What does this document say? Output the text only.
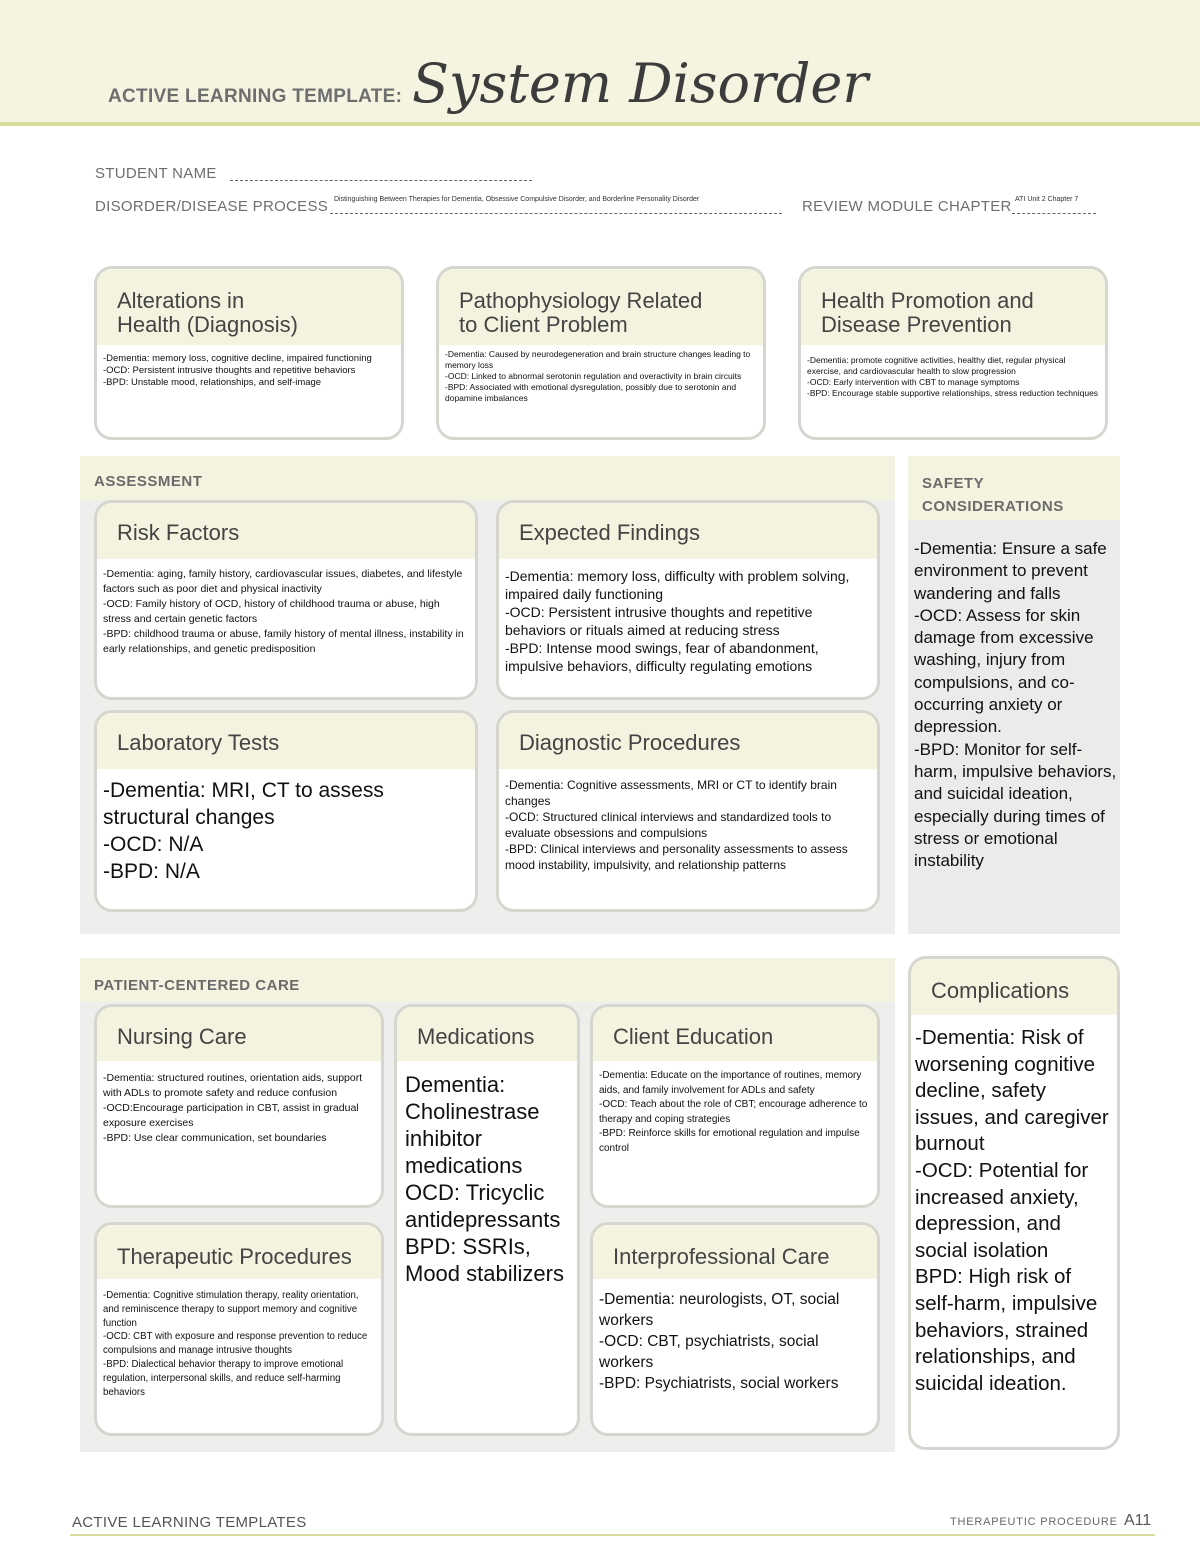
ACTIVE LEARNING TEMPLATE: System Disorder
STUDENT NAME
DISORDER/DISEASE PROCESS Distinguishing Between Therapies for Dementia, Obsessive Compulsive Disorder, and Borderline Personality Disorder	REVIEW MODULE CHAPTER ATI Unit 2 Chapter 7
Alterations in
Health (Diagnosis)
-Dementia: memory loss, cognitive decline, impaired functioning
-OCD: Persistent intrusive thoughts and repetitive behaviors
-BPD: Unstable mood, relationships, and self-image
Pathophysiology Related
to Client Problem
-Dementia: Caused by neurodegeneration and brain structure changes leading to memory loss
-OCD: Linked to abnormal serotonin regulation and overactivity in brain circuits
-BPD: Associated with emotional dysregulation, possibly due to serotonin and dopamine imbalances
Health Promotion and
Disease Prevention
-Dementia: promote cognitive activities, healthy diet, regular physical exercise, and cardiovascular health to slow progression
-OCD: Early intervention with CBT to manage symptoms
-BPD: Encourage stable supportive relationships, stress reduction techniques
ASSESSMENT
Risk Factors
-Dementia: aging, family history, cardiovascular issues, diabetes, and lifestyle factors such as poor diet and physical inactivity
-OCD: Family history of OCD, history of childhood trauma or abuse, high stress and certain genetic factors
-BPD: childhood trauma or abuse, family history of mental illness, instability in early relationships, and genetic predisposition
Expected Findings
-Dementia: memory loss, difficulty with problem solving, impaired daily functioning
-OCD: Persistent intrusive thoughts and repetitive behaviors or rituals aimed at reducing stress
-BPD: Intense mood swings, fear of abandonment, impulsive behaviors, difficulty regulating emotions
Laboratory Tests
-Dementia: MRI, CT to assess structural changes
-OCD: N/A
-BPD: N/A
Diagnostic Procedures
-Dementia: Cognitive assessments, MRI or CT to identify brain changes
-OCD: Structured clinical interviews and standardized tools to evaluate obsessions and compulsions
-BPD: Clinical interviews and personality assessments to assess mood instability, impulsivity, and relationship patterns
SAFETY
CONSIDERATIONS
-Dementia: Ensure a safe environment to prevent wandering and falls
-OCD: Assess for skin damage from excessive washing, injury from compulsions, and co-occurring anxiety or depression.
-BPD: Monitor for self-harm, impulsive behaviors, and suicidal ideation, especially during times of stress or emotional instability
PATIENT-CENTERED CARE
Nursing Care
-Dementia: structured routines, orientation aids, support with ADLs to promote safety and reduce confusion
-OCD:Encourage participation in CBT, assist in gradual exposure exercises
-BPD: Use clear communication, set boundaries
Medications
Dementia: Cholinestrase inhibitor medications
OCD: Tricyclic antidepressants
BPD: SSRIs, Mood stabilizers
Client Education
-Dementia: Educate on the importance of routines, memory aids, and family involvement for ADLs and safety
-OCD: Teach about the role of CBT; encourage adherence to therapy and coping strategies
-BPD: Reinforce skills for emotional regulation and impulse control
Therapeutic Procedures
-Dementia: Cognitive stimulation therapy, reality orientation, and reminiscence therapy to support memory and cognitive function
-OCD: CBT with exposure and response prevention to reduce compulsions and manage intrusive thoughts
-BPD: Dialectical behavior therapy to improve emotional regulation, interpersonal skills, and reduce self-harming behaviors
Interprofessional Care
-Dementia: neurologists, OT, social workers
-OCD: CBT, psychiatrists, social workers
-BPD: Psychiatrists, social workers
Complications
-Dementia: Risk of worsening cognitive decline, safety issues, and caregiver burnout
-OCD: Potential for increased anxiety, depression, and social isolation
BPD: High risk of self-harm, impulsive behaviors, strained relationships, and suicidal ideation.
ACTIVE LEARNING TEMPLATES	THERAPEUTIC PROCEDURE A11
